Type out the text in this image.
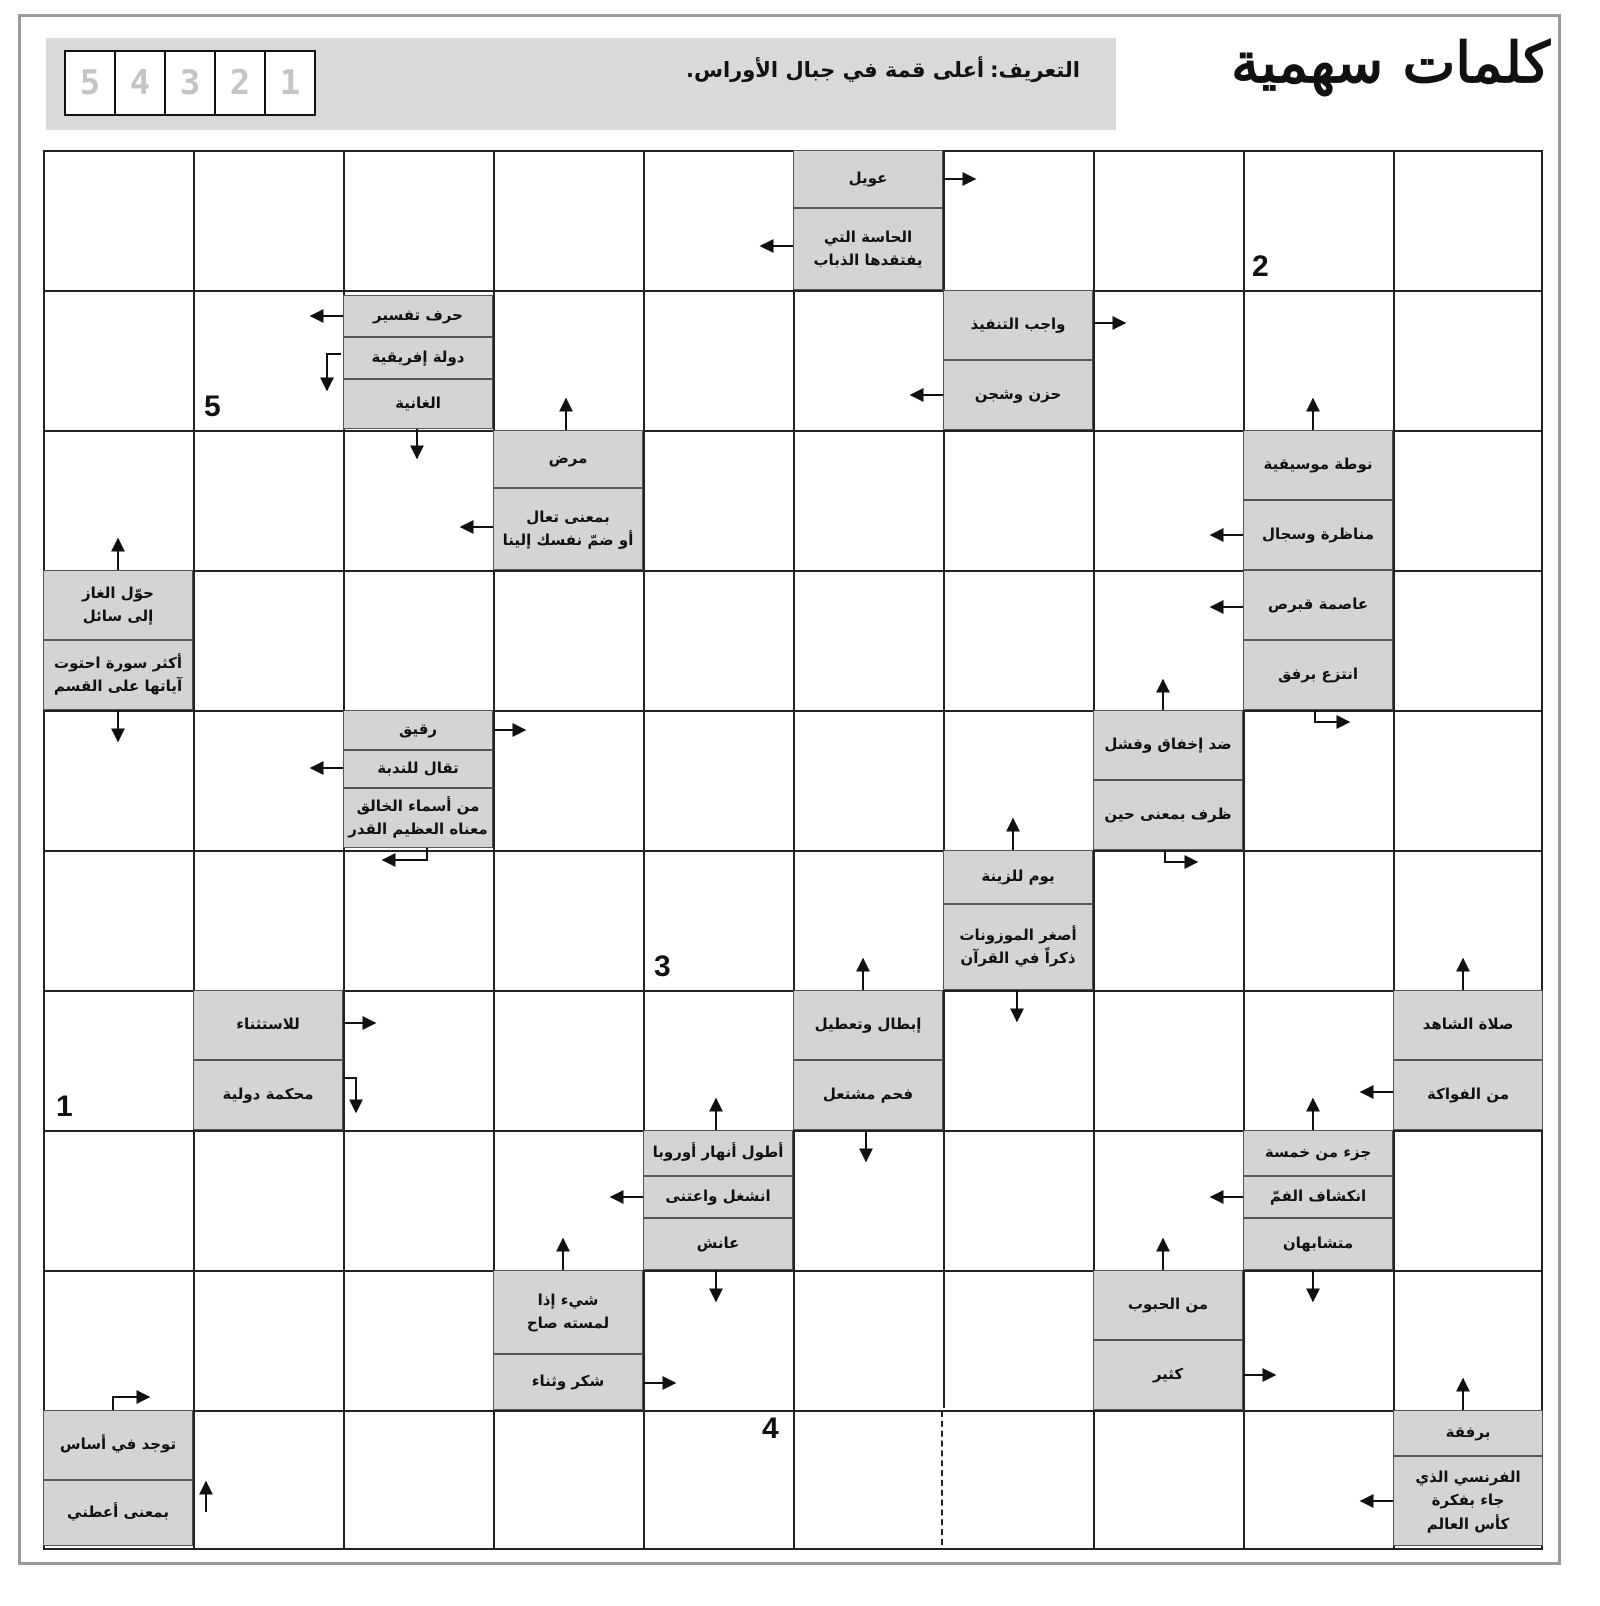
5 4 3 2 1	التعريف:أعلى قمة في جبال الأوراس.	كلمات سهمية
عويل
الحاسة التي
يفتقدها الذباب
حرف تفسير
دولة إفريقية
الغانية
واجب التنفيذ
حزن وشجن
مرض
بمعنى تعال
أو ضمّ نفسك إلينا
نوطة موسيقية
مناظرة وسجال
عاصمة قبرص
انتزع برفق
حوّل الغاز
إلى سائل
أكثر سورة احتوت
آياتها على القسم
رقيق
تقال للندبة
من أسماء الخالق
معناه العظيم القدر
ضد إخفاق وفشل
ظرف بمعنى حين
يوم للزينة
أصغر الموزونات
ذكراً في القرآن
للاستثناء
محكمة دولية
إبطال وتعطيل
فحم مشتعل
صلاة الشاهد
من الفواكة
أطول أنهار أوروبا
انشغل واعتنى
عانش
جزء من خمسة
انكشاف الفمّ
متشابهان
شيء إذا
لمسته صاح
شكر وثناء
من الحبوب
كثير
توجد في أساس
بمعنى أعطني
برفقة
الفرنسي الذي
جاء بفكرة
كأس العالم
2
5
3
1
4
